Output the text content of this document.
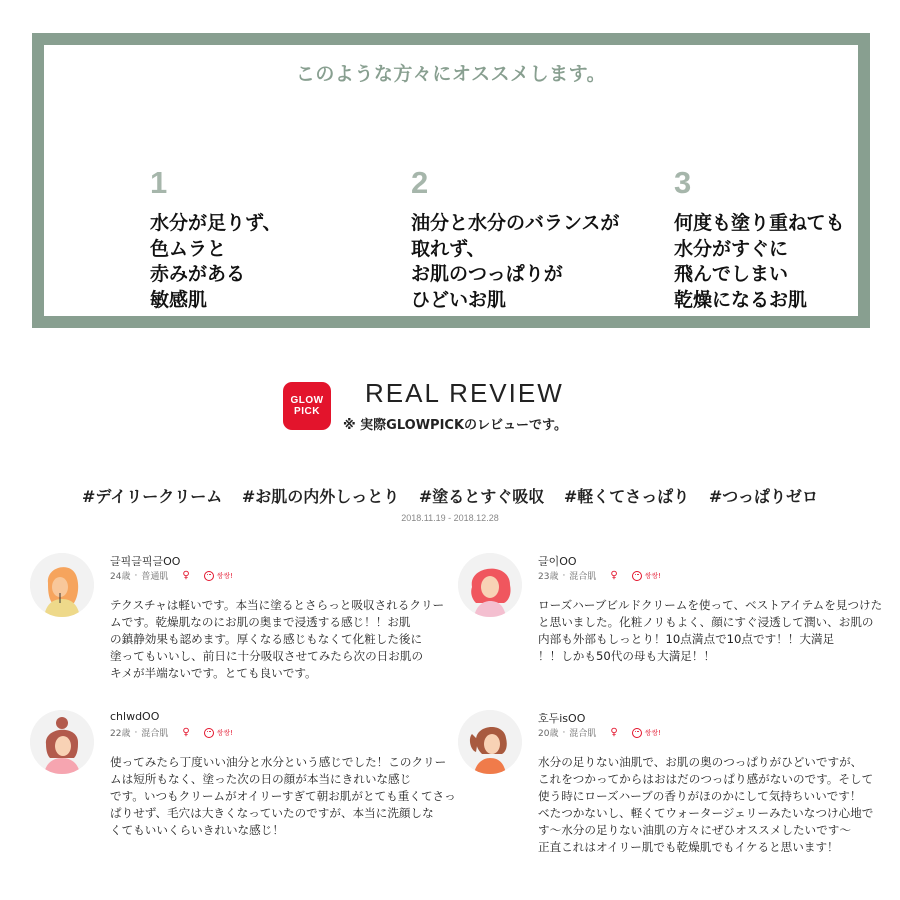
このような方々にオススメします。
1
水分が足りず、
色ムラと
赤みがある
敏感肌
2
油分と水分のバランスが
取れず、
お肌のつっぱりが
ひどいお肌
3
何度も塗り重ねても
水分がすぐに
飛んでしまい
乾燥になるお肌
GLOW
PICK
REAL REVIEW
※ 実際GLOWPICKのレビューです。
#デイリークリーム #お肌の内外しっとり #塗るとすぐ吸収 #軽くてさっぱり #つっぱりゼロ
2018.11.19 - 2018.12.28
글픽글픽글OO
24歳 · 普通肌 ♀	쌍쌍!
テクスチャは軽いです。本当に塗るとさらっと吸収されるクリー
ムです。乾燥肌なのにお肌の奥まで浸透する感じ！！お肌
の鎮静効果も認めます。厚くなる感じもなくて化粧した後に
塗ってもいいし、前日に十分吸収させてみたら次の日お肌の
キメが半端ないです。とても良いです。
글이OO
23歳 · 混合肌 ♀	쌍쌍!
ローズハーブビルドクリームを使って、ベストアイテムを見つけた
と思いました。化粧ノリもよく、顔にすぐ浸透して潤い、お肌の
内部も外部もしっとり！10点満点で10点です！！大満足
！！しかも50代の母も大満足！！
chlwdOO
22歳 · 混合肌 ♀	쌍쌍!
使ってみたら丁度いい油分と水分という感じでした！このクリー
ムは短所もなく、塗った次の日の顔が本当にきれいな感じ
です。いつもクリームがオイリーすぎて朝お肌がとても重くてさっ
ぱりせず、毛穴は大きくなっていたのですが、本当に洗顔しな
くてもいいくらいきれいな感じ！
호두isOO
20歳 · 混合肌 ♀	쌍쌍!
水分の足りない油肌で、お肌の奥のつっぱりがひどいですが、
これをつかってからはおはだのつっぱり感がないのです。そして
使う時にローズハーブの香りがほのかにして気持ちいいです！
べたつかないし、軽くてウォータージェリーみたいなつけ心地で
す～水分の足りない油肌の方々にぜひオススメしたいです～
正直これはオイリー肌でも乾燥肌でもイケると思います！
